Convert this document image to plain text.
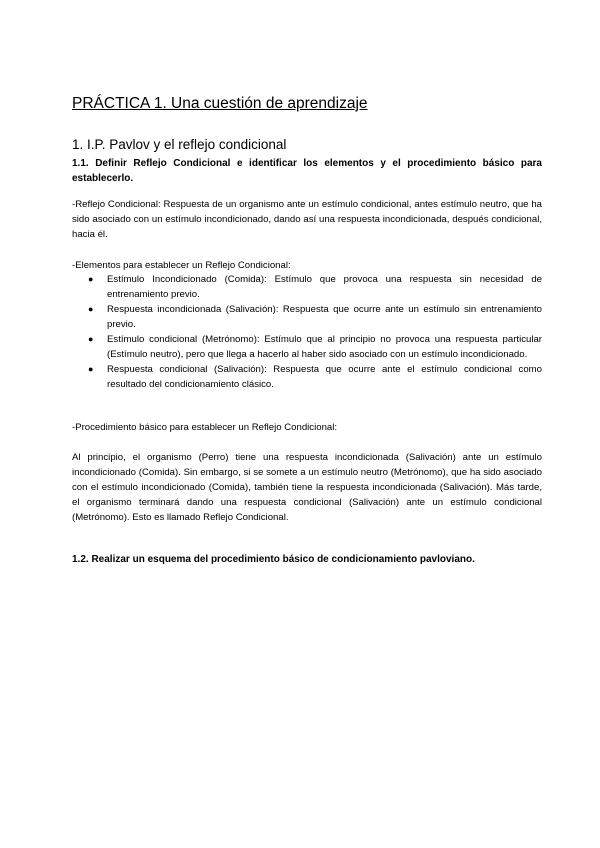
PRÁCTICA 1. Una cuestión de aprendizaje
1. I.P. Pavlov y el reflejo condicional

1.1. Definir Reflejo Condicional e identificar los elementos y el procedimiento básico para establecerlo.

-Reflejo Condicional: Respuesta de un organismo ante un estímulo condicional, antes estímulo neutro, que ha sido asociado con un estímulo incondicionado, dando así una respuesta incondicionada, después condicional, hacia él.

-Elementos para establecer un Reflejo Condicional:

● Estímulo Incondicionado (Comida): Estímulo que provoca una respuesta sin necesidad de entrenamiento previo.
● Respuesta incondicionada (Salivación): Respuesta que ocurre ante un estímulo sin entrenamiento previo.
● Estímulo condicional (Metrónomo): Estímulo que al principio no provoca una respuesta particular (Estímulo neutro), pero que llega a hacerlo al haber sido asociado con un estímulo incondicionado.
● Respuesta condicional (Salivación): Respuesta que ocurre ante el estímulo condicional como resultado del condicionamiento clásico.

-Procedimiento básico para establecer un Reflejo Condicional:

Al principio, el organismo (Perro) tiene una respuesta incondicionada (Salivación) ante un estímulo incondicionado (Comida). Sin embargo, si se somete a un estímulo neutro (Metrónomo), que ha sido asociado con el estímulo incondicionado (Comida), también tiene la respuesta incondicionada (Salivación). Más tarde, el organismo terminará dando una respuesta condicional (Salivación) ante un estímulo condicional (Metrónomo). Esto es llamado Reflejo Condicional.

1.2. Realizar un esquema del procedimiento básico de condicionamiento pavloviano.
